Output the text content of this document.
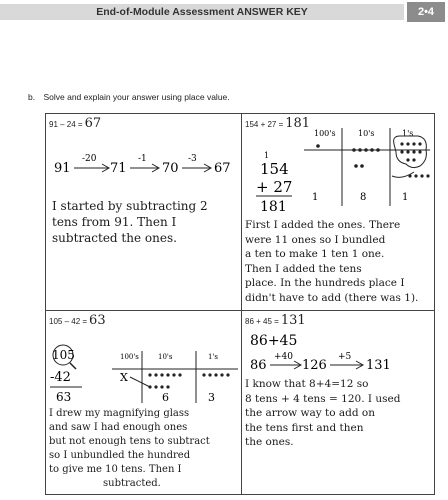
End-of-Module Assessment ANSWER KEY	2•4
b. Solve and explain your answer using place value.
91 – 24 = 67
91
-20
71
-1
70
-3
67
I started by subtracting 2
tens from 91. Then I
subtracted the ones.
154 + 27 = 181
100's	10's	1's
1	8	1
154
1
+ 27
181
First I added the ones. There
were 11 ones so I bundled
a ten to make 1 ten 1 one.
Then I added the tens
place. In the hundreds place I
didn't have to add (there was 1).
105 – 42 = 63
105
-42
63
100's	10's	1's
X
6	3
I drew my magnifying glass
and saw I had enough ones
but not enough tens to subtract
so I unbundled the hundred
to give me 10 tens. Then I
subtracted.
86 + 45 = 131
86+45
86
+40
126
+5
131
I know that 8+4=12 so
8 tens + 4 tens = 120. I used
the arrow way to add on
the tens first and then
the ones.
